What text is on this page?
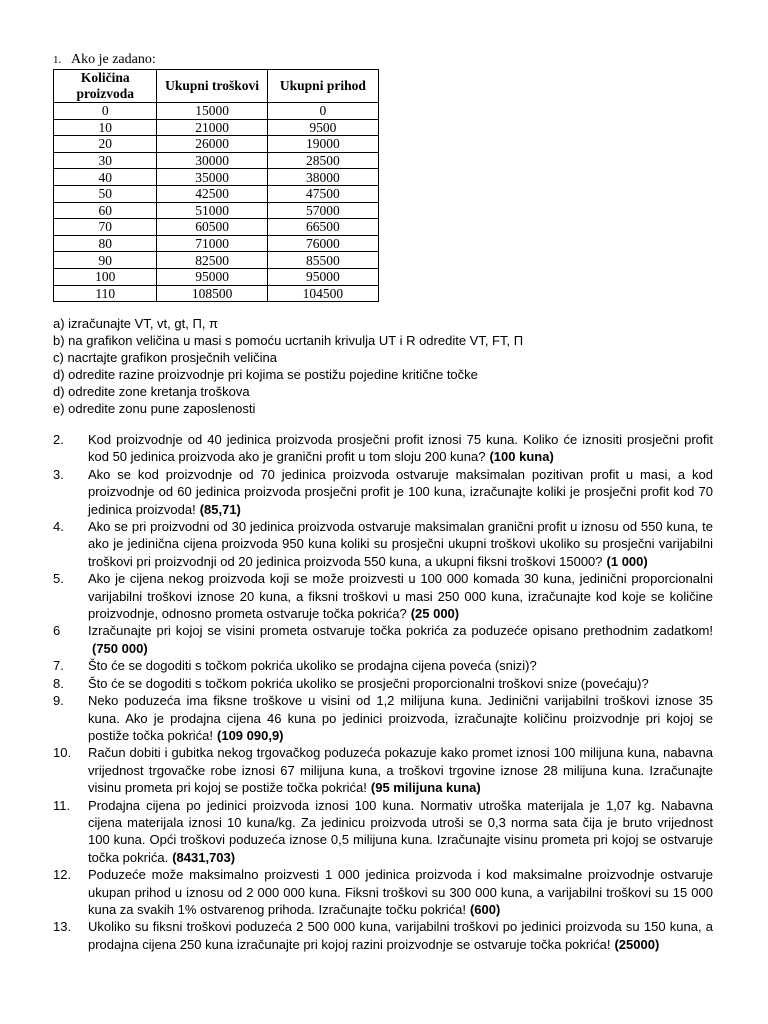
1. Ako je zadano:
Količina proizvoda	Ukupni troškovi	Ukupni prihod
0	15000	0
10	21000	9500
20	26000	19000
30	30000	28500
40	35000	38000
50	42500	47500
60	51000	57000
70	60500	66500
80	71000	76000
90	82500	85500
100	95000	95000
110	108500	104500
a) izračunajte VT, vt, gt, Π, π
b) na grafikon veličina u masi s pomoću ucrtanih krivulja UT i R odredite VT, FT, Π
c) nacrtajte grafikon prosječnih veličina
d) odredite razine proizvodnje pri kojima se postižu pojedine kritične točke
d) odredite zone kretanja troškova
e) odredite zonu pune zaposlenosti
2.	Kod proizvodnje od 40 jedinica proizvoda prosječni profit iznosi 75 kuna. Koliko će iznositi prosječni profit kod 50 jedinica proizvoda ako je granični profit u tom sloju 200 kuna? (100 kuna)
3.	Ako se kod proizvodnje od 70 jedinica proizvoda ostvaruje maksimalan pozitivan profit u masi, a kod proizvodnje od 60 jedinica proizvoda prosječni profit je 100 kuna, izračunajte koliki je prosječni profit kod 70 jedinica proizvoda! (85,71)
4.	Ako se pri proizvodni od 30 jedinica proizvoda ostvaruje maksimalan granični profit u iznosu od 550 kuna, te ako je jedinična cijena proizvoda 950 kuna koliki su prosječni ukupni troškovi ukoliko su prosječni varijabilni troškovi pri proizvodnji od 20 jedinica proizvoda 550 kuna, a ukupni fiksni troškovi 15000? (1 000)
5.	Ako je cijena nekog proizvoda koji se može proizvesti u 100 000 komada 30 kuna, jedinični proporcionalni varijabilni troškovi iznose 20 kuna, a fiksni troškovi u masi 250 000 kuna, izračunajte kod koje se količine proizvodnje, odnosno prometa ostvaruje točka pokrića? (25 000)
6	Izračunajte pri kojoj se visini prometa ostvaruje točka pokrića za poduzeće opisano prethodnim zadatkom!(750 000)
7.	Što će se dogoditi s točkom pokrića ukoliko se prodajna cijena poveća (snizi)?
8.	Što će se dogoditi s točkom pokrića ukoliko se prosječni proporcionalni troškovi snize (povećaju)?
9.	Neko poduzeća ima fiksne troškove u visini od 1,2 milijuna kuna. Jedinični varijabilni troškovi iznose 35 kuna. Ako je prodajna cijena 46 kuna po jedinici proizvoda, izračunajte količinu proizvodnje pri kojoj se postiže točka pokrića! (109 090,9)
10.	Račun dobiti i gubitka nekog trgovačkog poduzeća pokazuje kako promet iznosi 100 milijuna kuna, nabavna vrijednost trgovačke robe iznosi 67 milijuna kuna, a troškovi trgovine iznose 28 milijuna kuna. Izračunajte visinu prometa pri kojoj se postiže točka pokrića! (95 milijuna kuna)
11.	Prodajna cijena po jedinici proizvoda iznosi 100 kuna. Normativ utroška materijala je 1,07 kg. Nabavna cijena materijala iznosi 10 kuna/kg. Za jedinicu proizvoda utroši se 0,3 norma sata čija je bruto vrijednost 100 kuna. Opći troškovi poduzeća iznose 0,5 milijuna kuna. Izračunajte visinu prometa pri kojoj se ostvaruje točka pokrića. (8431,703)
12.	Poduzeće može maksimalno proizvesti 1 000 jedinica proizvoda i kod maksimalne proizvodnje ostvaruje ukupan prihod u iznosu od 2 000 000 kuna. Fiksni troškovi su 300 000 kuna, a varijabilni troškovi su 15 000 kuna za svakih 1% ostvarenog prihoda. Izračunajte točku pokrića! (600)
13.	Ukoliko su fiksni troškovi poduzeća 2 500 000 kuna, varijabilni troškovi po jedinici proizvoda su 150 kuna, a prodajna cijena 250 kuna izračunajte pri kojoj razini proizvodnje se ostvaruje točka pokrića! (25000)
